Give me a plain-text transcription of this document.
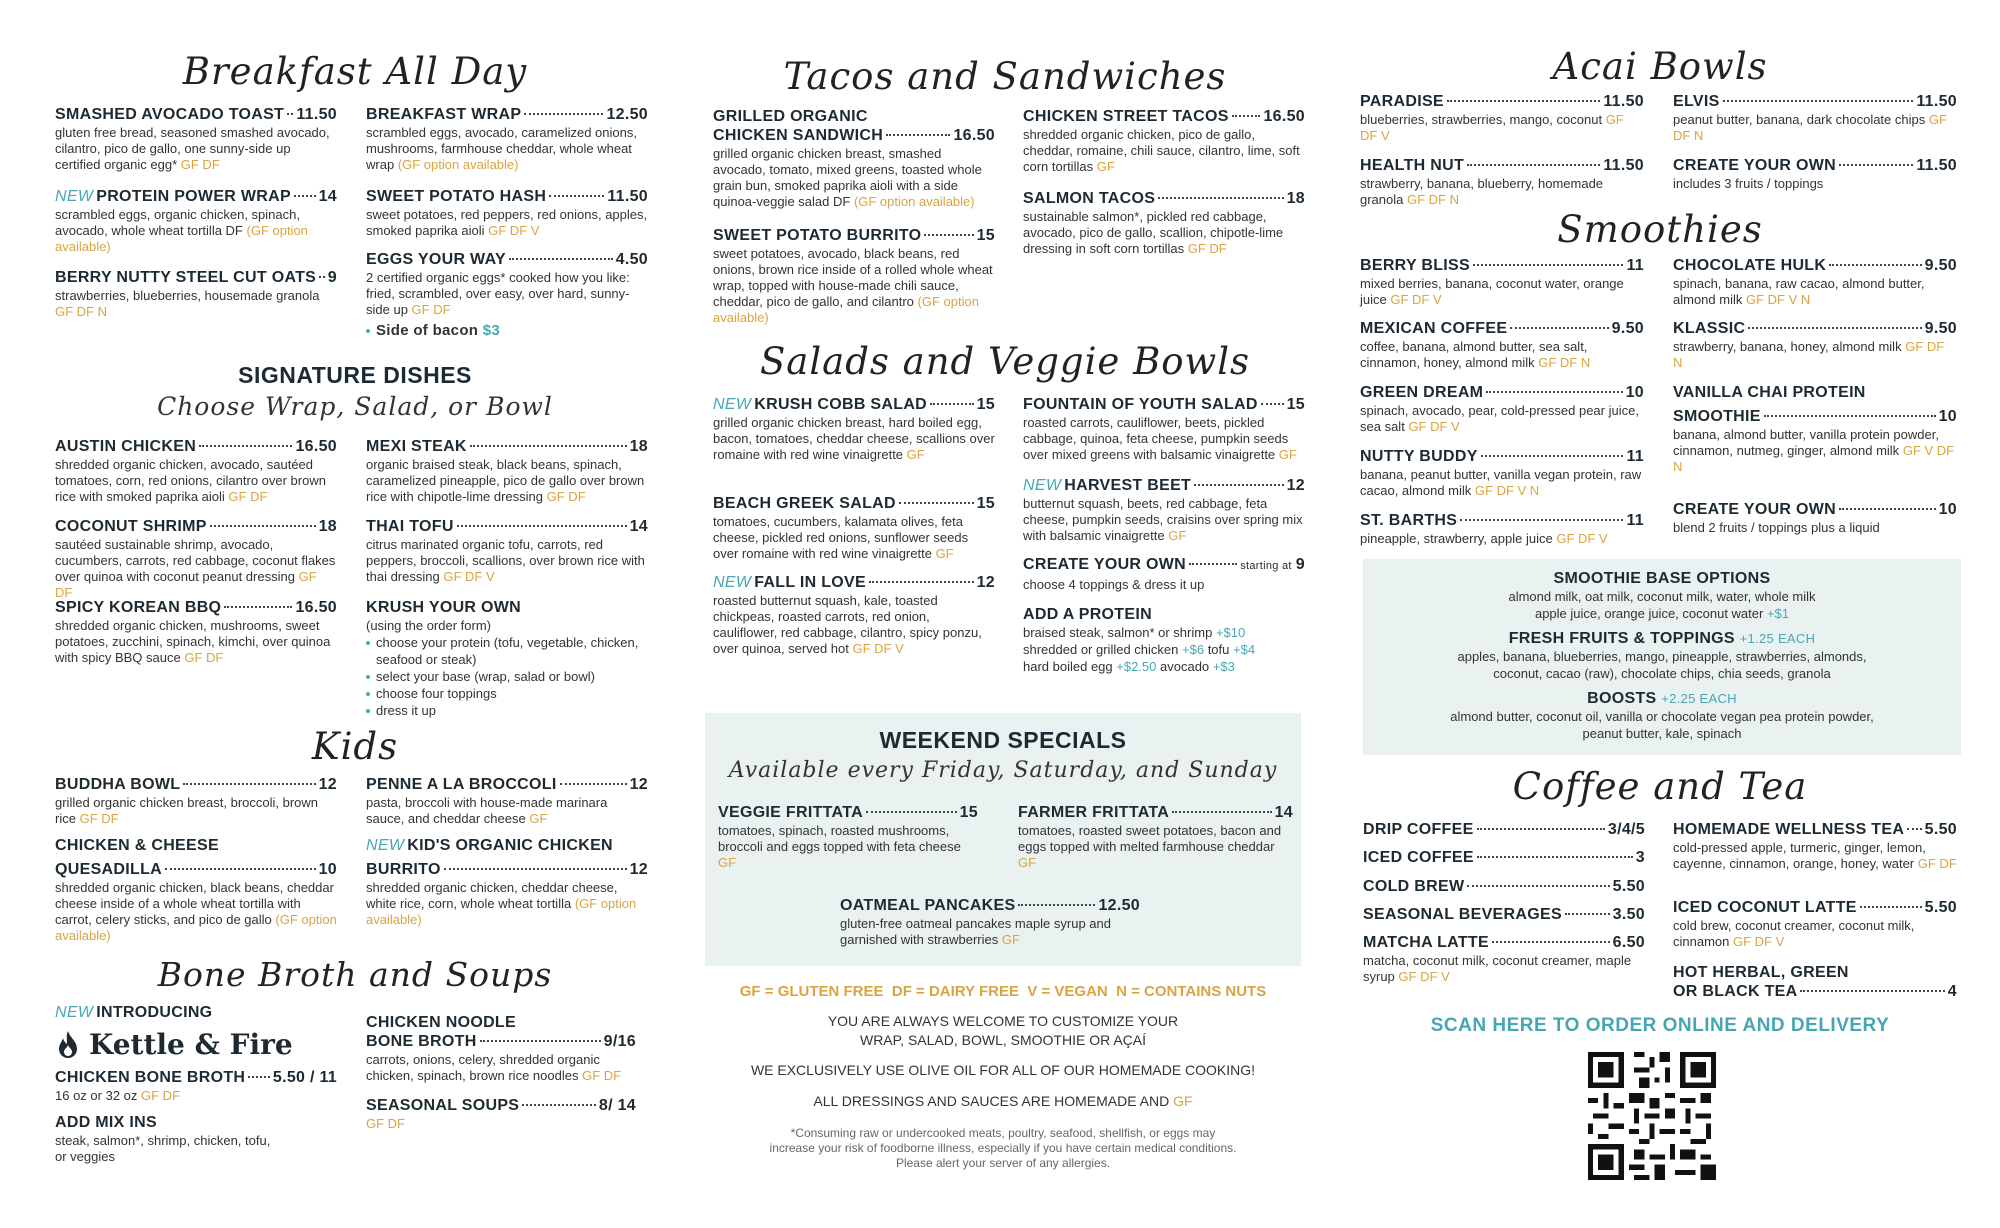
Breakfast All Day
SMASHED AVOCADO TOAST 11.50
gluten free bread, seasoned smashed avocado, cilantro, pico de gallo, one sunny-side up certified organic egg* GF DF
BREAKFAST WRAP	12.50
scrambled eggs, avocado, caramelized onions, mushrooms, farmhouse cheddar, whole wheat wrap (GF option available)
NEW PROTEIN POWER WRAP 14
scrambled eggs, organic chicken, spinach, avocado, whole wheat tortilla DF (GF option available)
SWEET POTATO HASH	11.50
sweet potatoes, red peppers, red onions, apples, smoked paprika aioli GF DF V
BERRY NUTTY STEEL CUT OATS 9
strawberries, blueberries, housemade granola GF DF N
EGGS YOUR WAY	4.50
2 certified organic eggs* cooked how you like: fried, scrambled, over easy, over hard, sunny-side up GF DF
Side of bacon $3
SIGNATURE DISHES
Choose Wrap, Salad, or Bowl
AUSTIN CHICKEN	16.50
shredded organic chicken, avocado, sautéed tomatoes, corn, red onions, cilantro over brown rice with smoked paprika aioli GF DF
MEXI STEAK	18
organic braised steak, black beans, spinach, caramelized pineapple, pico de gallo over brown rice with chipotle-lime dressing GF DF
COCONUT SHRIMP	18
sautéed sustainable shrimp, avocado, cucumbers, carrots, red cabbage, coconut flakes over quinoa with coconut peanut dressing GF DF
THAI TOFU	14
citrus marinated organic tofu, carrots, red peppers, broccoli, scallions, over brown rice with thai dressing GF DF V
SPICY KOREAN BBQ	16.50
shredded organic chicken, mushrooms, sweet potatoes, zucchini, spinach, kimchi, over quinoa with spicy BBQ sauce GF DF
KRUSH YOUR OWN
(using the order form)
choose your protein (tofu, vegetable, chicken, seafood or steak)
select your base (wrap, salad or bowl)
choose four toppings
dress it up
Kids
BUDDHA BOWL	12
grilled organic chicken breast, broccoli, brown rice GF DF
PENNE A LA BROCCOLI	12
pasta, broccoli with house-made marinara sauce, and cheddar cheese GF
CHICKEN & CHEESE
QUESADILLA	10
shredded organic chicken, black beans, cheddar cheese inside of a whole wheat tortilla with carrot, celery sticks, and pico de gallo (GF option available)
NEW KID'S ORGANIC CHICKEN
BURRITO	12
shredded organic chicken, cheddar cheese, white rice, corn, whole wheat tortilla (GF option available)
Bone Broth and Soups
NEW INTRODUCING
Kettle & Fire
CHICKEN BONE BROTH 5.50 / 11
16 oz or 32 oz GF DF
ADD MIX INS
steak, salmon*, shrimp, chicken, tofu, or veggies
CHICKEN NOODLE
BONE BROTH	9/16
carrots, onions, celery, shredded organic chicken, spinach, brown rice noodles GF DF
SEASONAL SOUPS	8/ 14
GF DF
Tacos and Sandwiches
GRILLED ORGANIC
CHICKEN SANDWICH	16.50
grilled organic chicken breast, smashed avocado, tomato, mixed greens, toasted whole grain bun, smoked paprika aioli with a side quinoa-veggie salad DF (GF option available)
CHICKEN STREET TACOS 16.50
shredded organic chicken, pico de gallo, cheddar, romaine, chili sauce, cilantro, lime, soft corn tortillas GF
SWEET POTATO BURRITO	15
sweet potatoes, avocado, black beans, red onions, brown rice inside of a rolled whole wheat wrap, topped with house-made chili sauce, cheddar, pico de gallo, and cilantro (GF option available)
SALMON TACOS	18
sustainable salmon*, pickled red cabbage, avocado, pico de gallo, scallion, chipotle-lime dressing in soft corn tortillas GF DF
Salads and Veggie Bowls
NEW KRUSH COBB SALAD	15
grilled organic chicken breast, hard boiled egg, bacon, tomatoes, cheddar cheese, scallions over romaine with red wine vinaigrette GF
FOUNTAIN OF YOUTH SALAD 15
roasted carrots, cauliflower, beets, pickled cabbage, quinoa, feta cheese, pumpkin seeds over mixed greens with balsamic vinaigrette GF
BEACH GREEK SALAD	15
tomatoes, cucumbers, kalamata olives, feta cheese, pickled red onions, sunflower seeds over romaine with red wine vinaigrette GF
NEW HARVEST BEET	12
butternut squash, beets, red cabbage, feta cheese, pumpkin seeds, craisins over spring mix with balsamic vinaigrette GF
NEW FALL IN LOVE	12
roasted butternut squash, kale, toasted chickpeas, roasted carrots, red onion, cauliflower, red cabbage, cilantro, spicy ponzu, over quinoa, served hot GF DF V
CREATE YOUR OWN	starting at 9
choose 4 toppings & dress it up
ADD A PROTEIN
braised steak, salmon* or shrimp +$10
shredded or grilled chicken +$6 tofu +$4
hard boiled egg +$2.50 avocado +$3
WEEKEND SPECIALS
Available every Friday, Saturday, and Sunday
VEGGIE FRITTATA	15
tomatoes, spinach, roasted mushrooms, broccoli and eggs topped with feta cheese GF
FARMER FRITTATA	14
tomatoes, roasted sweet potatoes, bacon and eggs topped with melted farmhouse cheddar GF
OATMEAL PANCAKES	12.50
gluten-free oatmeal pancakes maple syrup and garnished with strawberries GF
GF = GLUTEN FREE  DF = DAIRY FREE  V = VEGAN  N = CONTAINS NUTS
YOU ARE ALWAYS WELCOME TO CUSTOMIZE YOUR
WRAP, SALAD, BOWL, SMOOTHIE OR AÇAÍ
WE EXCLUSIVELY USE OLIVE OIL FOR ALL OF OUR HOMEMADE COOKING!
ALL DRESSINGS AND SAUCES ARE HOMEMADE AND GF
*Consuming raw or undercooked meats, poultry, seafood, shellfish, or eggs may
increase your risk of foodborne illness, especially if you have certain medical conditions.
Please alert your server of any allergies.
Acai Bowls
PARADISE	11.50
blueberries, strawberries, mango, coconut GF DF V
ELVIS	11.50
peanut butter, banana, dark chocolate chips GF DF N
HEALTH NUT	11.50
strawberry, banana, blueberry, homemade granola GF DF N
CREATE YOUR OWN	11.50
includes 3 fruits / toppings
Smoothies
BERRY BLISS	11
mixed berries, banana, coconut water, orange juice GF DF V
CHOCOLATE HULK	9.50
spinach, banana, raw cacao, almond butter, almond milk GF DF V N
MEXICAN COFFEE	9.50
coffee, banana, almond butter, sea salt, cinnamon, honey, almond milk GF DF N
KLASSIC	9.50
strawberry, banana, honey, almond milk GF DF N
GREEN DREAM	10
spinach, avocado, pear, cold-pressed pear juice, sea salt GF DF V
VANILLA CHAI PROTEIN
SMOOTHIE	10
banana, almond butter, vanilla protein powder, cinnamon, nutmeg, ginger, almond milk GF V DF N
NUTTY BUDDY	11
banana, peanut butter, vanilla vegan protein, raw cacao, almond milk GF DF V N
ST. BARTHS	11
pineapple, strawberry, apple juice GF DF V
CREATE YOUR OWN	10
blend 2 fruits / toppings plus a liquid
SMOOTHIE BASE OPTIONS
almond milk, oat milk, coconut milk, water, whole milk
apple juice, orange juice, coconut water +$1
FRESH FRUITS & TOPPINGS +1.25 EACH
apples, banana, blueberries, mango, pineapple, strawberries, almonds,
coconut, cacao (raw), chocolate chips, chia seeds, granola
BOOSTS +2.25 EACH
almond butter, coconut oil, vanilla or chocolate vegan pea protein powder,
peanut butter, kale, spinach
Coffee and Tea
DRIP COFFEE	3/4/5
ICED COFFEE	3
COLD BREW	5.50
SEASONAL BEVERAGES	3.50
MATCHA LATTE	6.50
matcha, coconut milk, coconut creamer, maple syrup GF DF V
HOMEMADE WELLNESS TEA 5.50
cold-pressed apple, turmeric, ginger, lemon, cayenne, cinnamon, orange, honey, water GF DF
ICED COCONUT LATTE	5.50
cold brew, coconut creamer, coconut milk, cinnamon GF DF V
HOT HERBAL, GREEN
OR BLACK TEA	4
SCAN HERE TO ORDER ONLINE AND DELIVERY
